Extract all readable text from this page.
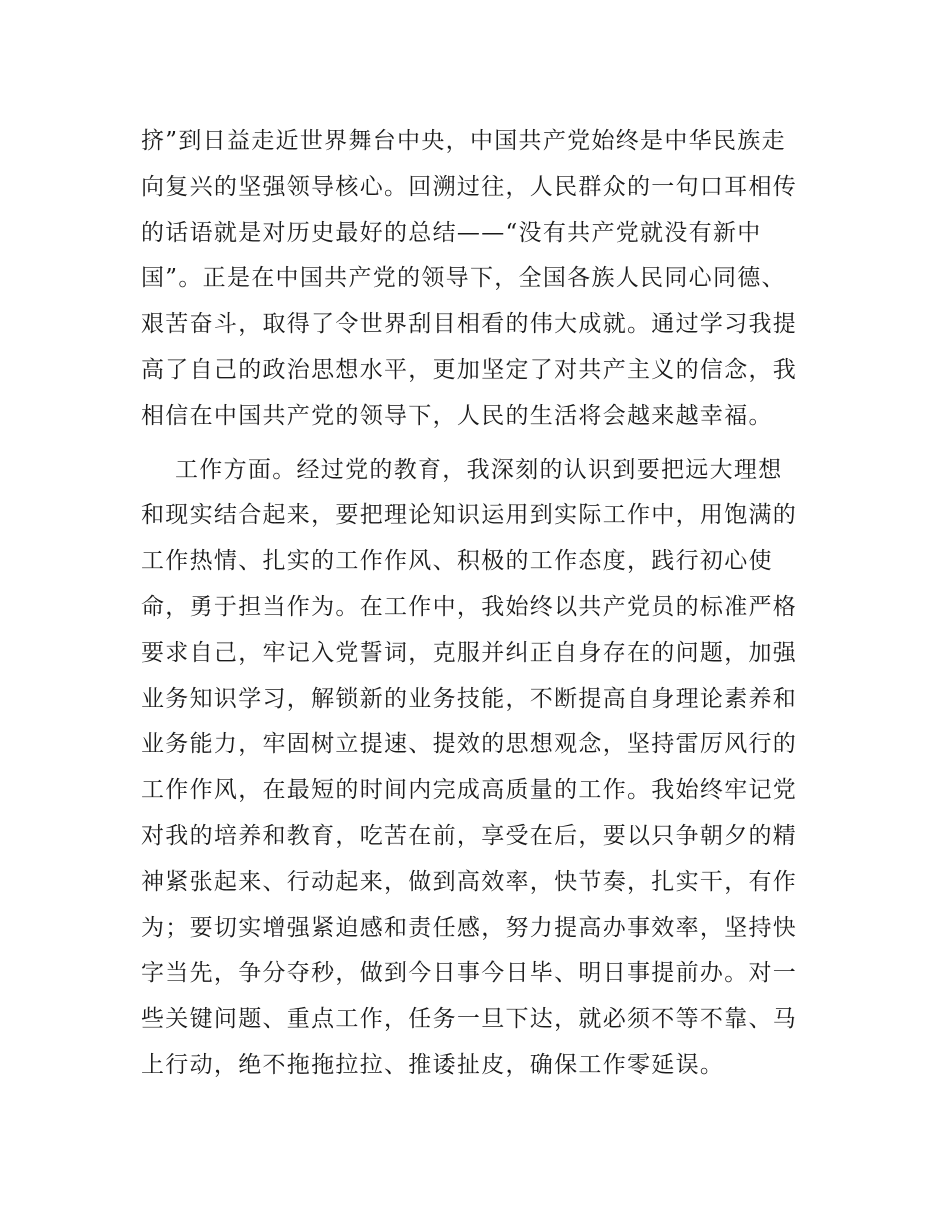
挤”到日益走近世界舞台中央，中国共产党始终是中华民族走
向复兴的坚强领导核心。回溯过往，人民群众的一句口耳相传
的话语就是对历史最好的总结——“没有共产党就没有新中
国”。正是在中国共产党的领导下，全国各族人民同心同德、
艰苦奋斗，取得了令世界刮目相看的伟大成就。通过学习我提
高了自己的政治思想水平，更加坚定了对共产主义的信念，我
相信在中国共产党的领导下，人民的生活将会越来越幸福。
工作方面。经过党的教育，我深刻的认识到要把远大理想
和现实结合起来，要把理论知识运用到实际工作中，用饱满的
工作热情、扎实的工作作风、积极的工作态度，践行初心使
命，勇于担当作为。在工作中，我始终以共产党员的标准严格
要求自己，牢记入党誓词，克服并纠正自身存在的问题，加强
业务知识学习，解锁新的业务技能，不断提高自身理论素养和
业务能力，牢固树立提速、提效的思想观念，坚持雷厉风行的
工作作风，在最短的时间内完成高质量的工作。我始终牢记党
对我的培养和教育，吃苦在前，享受在后，要以只争朝夕的精
神紧张起来、行动起来，做到高效率，快节奏，扎实干，有作
为；要切实增强紧迫感和责任感，努力提高办事效率，坚持快
字当先，争分夺秒，做到今日事今日毕、明日事提前办。对一
些关键问题、重点工作，任务一旦下达，就必须不等不靠、马
上行动，绝不拖拖拉拉、推诿扯皮，确保工作零延误。
